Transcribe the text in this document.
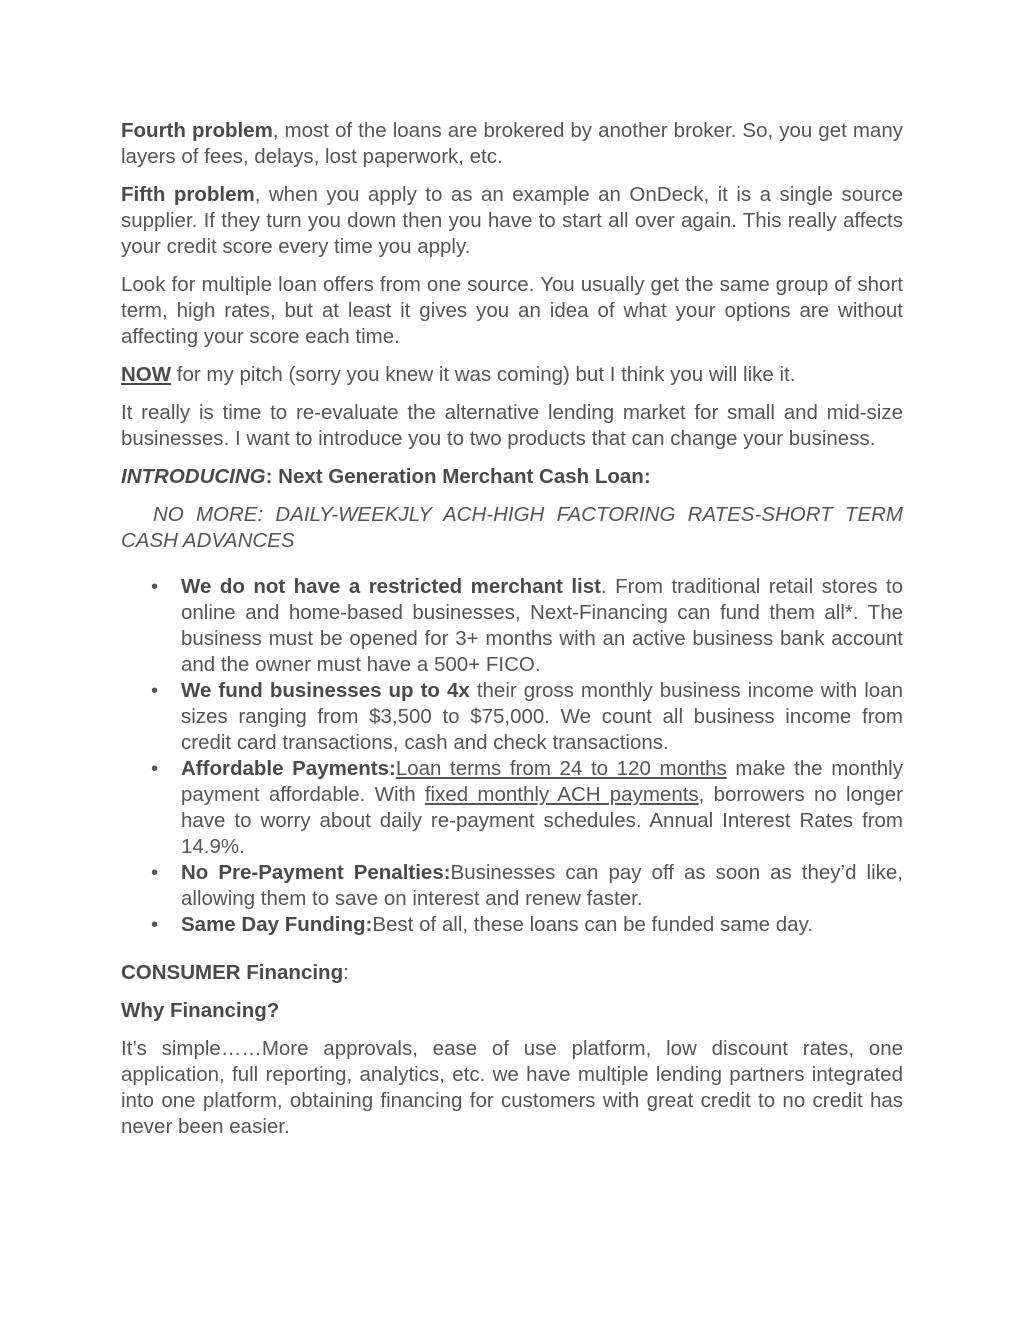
Fourth problem, most of the loans are brokered by another broker. So, you get many layers of fees, delays, lost paperwork, etc.

Fifth problem, when you apply to as an example an OnDeck, it is a single source supplier. If they turn you down then you have to start all over again. This really affects your credit score every time you apply.

Look for multiple loan offers from one source. You usually get the same group of short term, high rates, but at least it gives you an idea of what your options are without affecting your score each time.

NOW for my pitch (sorry you knew it was coming) but I think you will like it.

It really is time to re-evaluate the alternative lending market for small and mid-size businesses. I want to introduce you to two products that can change your business.

INTRODUCING: Next Generation Merchant Cash Loan:
NO MORE: DAILY-WEEKJLY ACH-HIGH FACTORING RATES-SHORT TERM CASH ADVANCES
• We do not have a restricted merchant list. From traditional retail stores to online and home-based businesses, Next-Financing can fund them all*. The business must be opened for 3+ months with an active business bank account and the owner must have a 500+ FICO.
• We fund businesses up to 4x their gross monthly business income with loan sizes ranging from $3,500 to $75,000. We count all business income from credit card transactions, cash and check transactions.
• Affordable Payments:Loan terms from 24 to 120 months make the monthly payment affordable. With fixed monthly ACH payments, borrowers no longer have to worry about daily re-payment schedules. Annual Interest Rates from 14.9%.
• No Pre-Payment Penalties:Businesses can pay off as soon as they’d like, allowing them to save on interest and renew faster.
• Same Day Funding:Best of all, these loans can be funded same day.

CONSUMER Financing:

Why Financing?

It’s simple……More approvals, ease of use platform, low discount rates, one application, full reporting, analytics, etc. we have multiple lending partners integrated into one platform, obtaining financing for customers with great credit to no credit has never been easier.
